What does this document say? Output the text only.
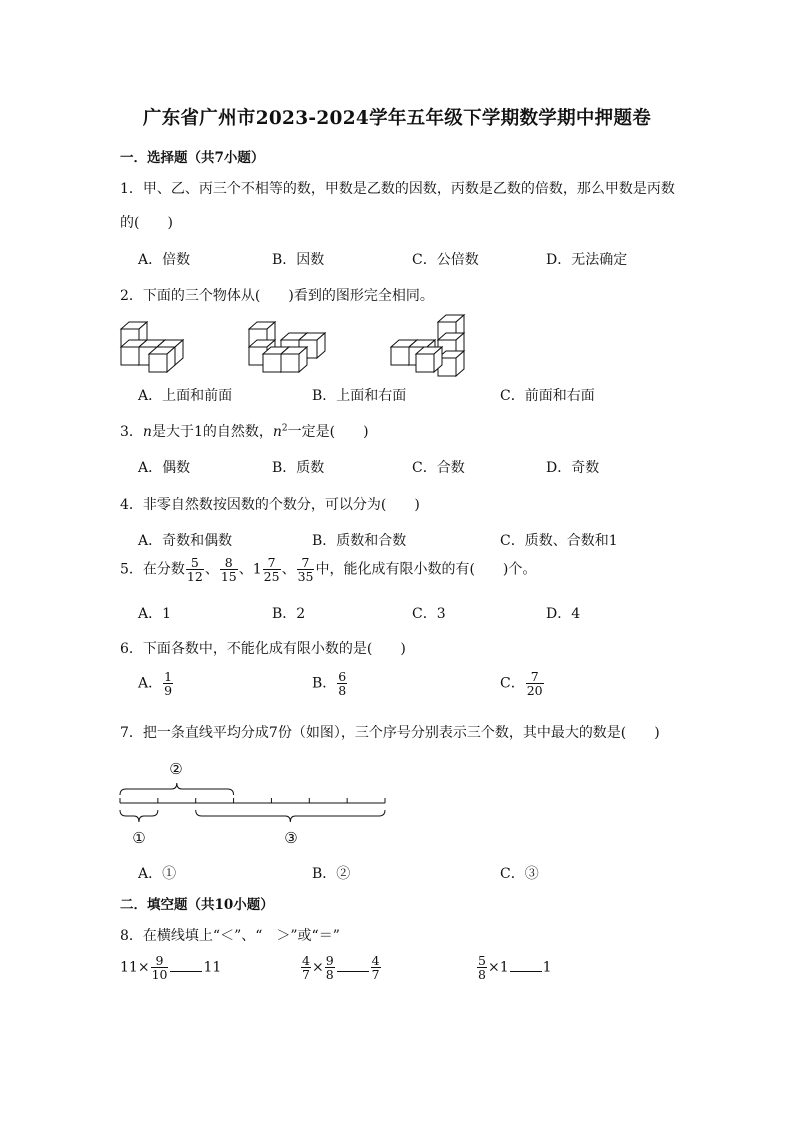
广东省广州市2023-2024学年五年级下学期数学期中押题卷
一．选择题（共7小题）
1．甲、乙、丙三个不相等的数，甲数是乙数的因数，丙数是乙数的倍数，那么甲数是丙数
的(　　)
A．倍数	B．因数	C．公倍数	D．无法确定
2．下面的三个物体从(　　)看到的图形完全相同。
A．上面和前面	B．上面和右面	C．前面和右面
3．n是大于1的自然数，$n^2$一定是(　　)
A．偶数	B．质数	C．合数	D．奇数
4．非零自然数按因数的个数分，可以分为(　　)
A．奇数和偶数	B．质数和合数	C．质数、合数和1
5．在分数 $\frac{5}{12}$ 、 $\frac{8}{15}$ 、$1 \frac{7}{25}$ 、 $\frac{7}{35}$ 中，能化成有限小数的有(　　)个。
A．1	B．2	C．3	D．4
6．下面各数中，不能化成有限小数的是(　　)
A． $\frac{1}{9}$	B． $\frac{6}{8}$	C． $\frac{7}{20}$
7．把一条直线平均分成7份（如图），三个序号分别表示三个数，其中最大的数是(　　)
②
①	③
A．①	B．②	C．③
二．填空题（共10小题）
8．在横线填上“＜”、“　＞”或“＝”
$11\times \frac{9}{10}$	11	$\frac{4}{7} \times \frac{9}{8}$	$\frac{4}{7}$	$\frac{5}{8} \times 1$ 1
